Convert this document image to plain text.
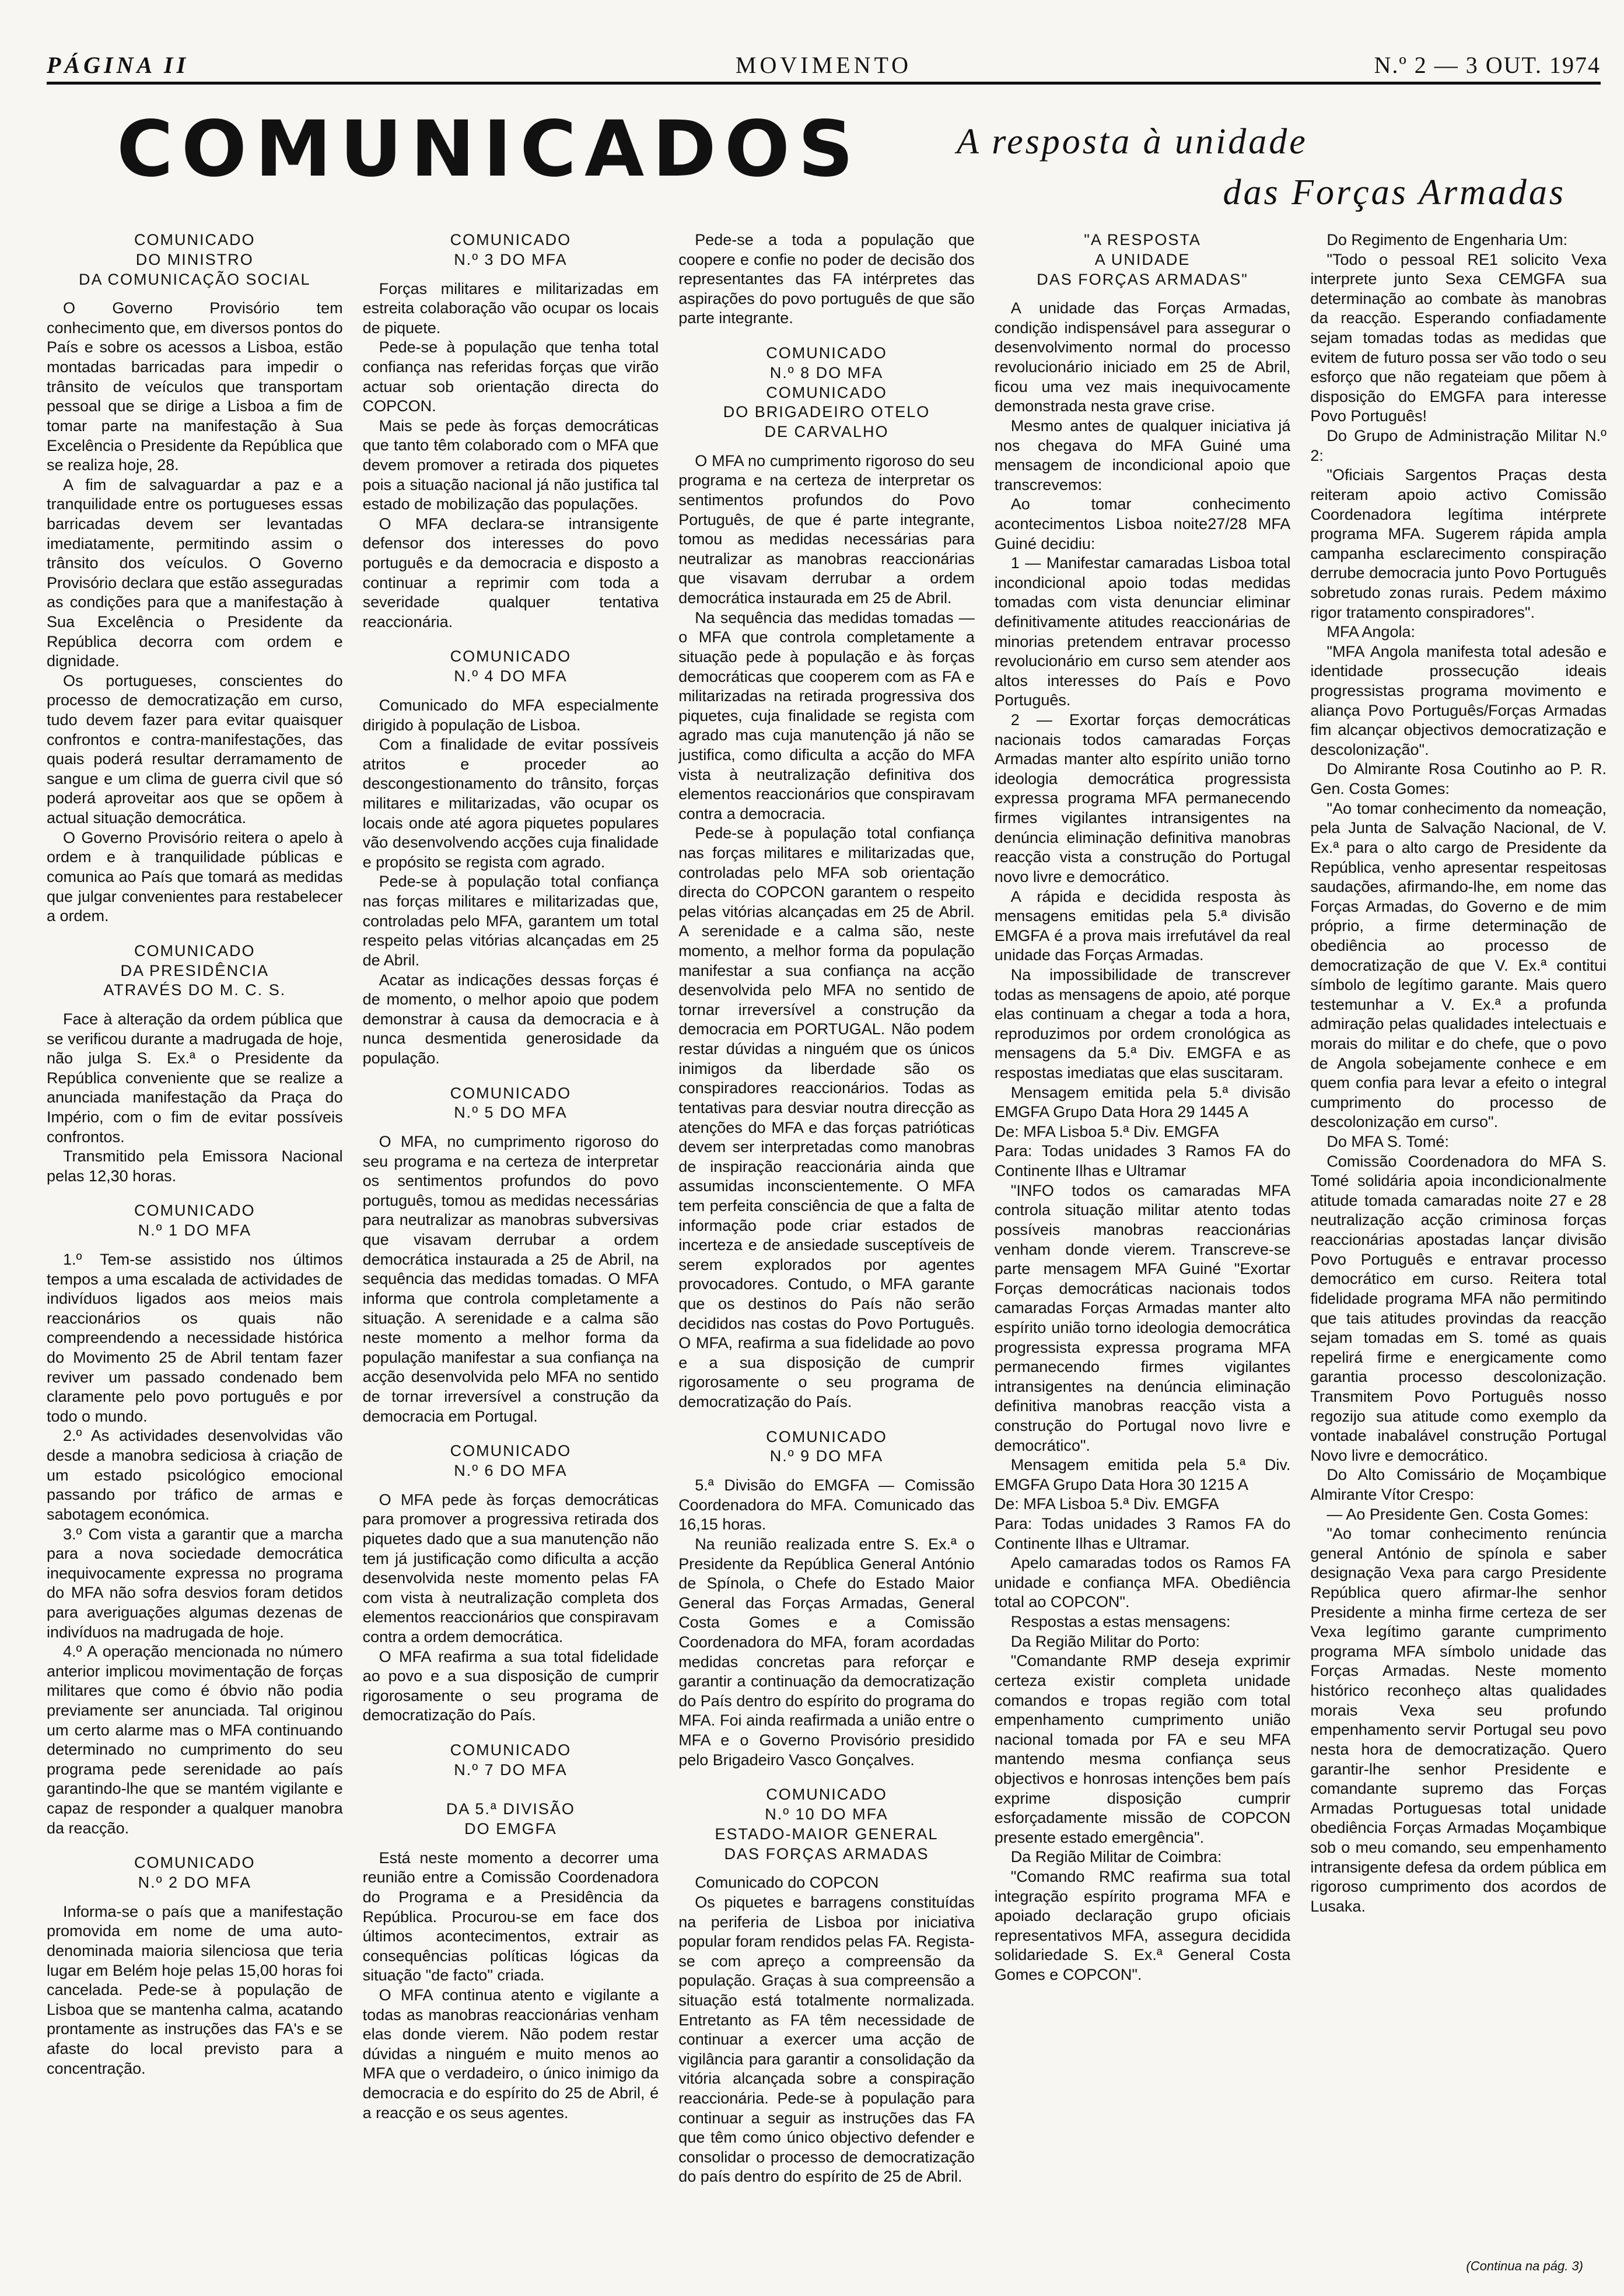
PÁGINA II	MOVIMENTO	N.º 2 — 3 OUT. 1974
COMUNICADOS	A resposta à unidade
das Forças Armadas
COMUNICADO
DO MINISTRO
DA COMUNICAÇÃO SOCIAL

O Governo Provisório tem conhecimento que, em diversos pontos do País e sobre os acessos a Lisboa, estão montadas barricadas para impedir o trânsito de veículos que transportam pessoal que se dirige a Lisboa a fim de tomar parte na manifestação à Sua Excelência o Presidente da República que se realiza hoje, 28.

A fim de salvaguardar a paz e a tranquilidade entre os portugueses essas barricadas devem ser levantadas imediatamente, permitindo assim o trânsito dos veículos. O Governo Provisório declara que estão asseguradas as condições para que a manifestação à Sua Excelência o Presidente da República decorra com ordem e dignidade.

Os portugueses, conscientes do processo de democratização em curso, tudo devem fazer para evitar quaisquer confrontos e contra-manifestações, das quais poderá resultar derramamento de sangue e um clima de guerra civil que só poderá aproveitar aos que se opõem à actual situação democrática.

O Governo Provisório reitera o apelo à ordem e à tranquilidade públicas e comunica ao País que tomará as medidas que julgar convenientes para restabelecer a ordem.

COMUNICADO
DA PRESIDÊNCIA
ATRAVÉS DO M. C. S.

Face à alteração da ordem pública que se verificou durante a madrugada de hoje, não julga S. Ex.ª o Presidente da República conveniente que se realize a anunciada manifestação da Praça do Império, com o fim de evitar possíveis confrontos.

Transmitido pela Emissora Nacional pelas 12,30 horas.

COMUNICADO
N.º 1 DO MFA

1.º Tem-se assistido nos últimos tempos a uma escalada de actividades de indivíduos ligados aos meios mais reaccionários os quais não compreendendo a necessidade histórica do Movimento 25 de Abril tentam fazer reviver um passado condenado bem claramente pelo povo português e por todo o mundo.

2.º As actividades desenvolvidas vão desde a manobra sediciosa à criação de um estado psicológico emocional passando por tráfico de armas e sabotagem económica.

3.º Com vista a garantir que a marcha para a nova sociedade democrática inequivocamente expressa no programa do MFA não sofra desvios foram detidos para averiguações algumas dezenas de indivíduos na madrugada de hoje.

4.º A operação mencionada no número anterior implicou movimentação de forças militares que como é óbvio não podia previamente ser anunciada. Tal originou um certo alarme mas o MFA continuando determinado no cumprimento do seu programa pede serenidade ao país garantindo-lhe que se mantém vigilante e capaz de responder a qualquer manobra da reacção.

COMUNICADO
N.º 2 DO MFA

Informa-se o país que a manifestação promovida em nome de uma auto-denominada maioria silenciosa que teria lugar em Belém hoje pelas 15,00 horas foi cancelada. Pede-se à população de Lisboa que se mantenha calma, acatando prontamente as instruções das FA's e se afaste do local previsto para a concentração.

COMUNICADO
N.º 3 DO MFA

Forças militares e militarizadas em estreita colaboração vão ocupar os locais de piquete.

Pede-se à população que tenha total confiança nas referidas forças que virão actuar sob orientação directa do COPCON.

Mais se pede às forças democráticas que tanto têm colaborado com o MFA que devem promover a retirada dos piquetes pois a situação nacional já não justifica tal estado de mobilização das populações.

O MFA declara-se intransigente defensor dos interesses do povo português e da democracia e disposto a continuar a reprimir com toda a severidade qualquer tentativa reaccionária.

COMUNICADO
N.º 4 DO MFA

Comunicado do MFA especialmente dirigido à população de Lisboa.

Com a finalidade de evitar possíveis atritos e proceder ao descongestionamento do trânsito, forças militares e militarizadas, vão ocupar os locais onde até agora piquetes populares vão desenvolvendo acções cuja finalidade e propósito se regista com agrado.

Pede-se à população total confiança nas forças militares e militarizadas que, controladas pelo MFA, garantem um total respeito pelas vitórias alcançadas em 25 de Abril.

Acatar as indicações dessas forças é de momento, o melhor apoio que podem demonstrar à causa da democracia e à nunca desmentida generosidade da população.

COMUNICADO
N.º 5 DO MFA

O MFA, no cumprimento rigoroso do seu programa e na certeza de interpretar os sentimentos profundos do povo português, tomou as medidas necessárias para neutralizar as manobras subversivas que visavam derrubar a ordem democrática instaurada a 25 de Abril, na sequência das medidas tomadas. O MFA informa que controla completamente a situação. A serenidade e a calma são neste momento a melhor forma da população manifestar a sua confiança na acção desenvolvida pelo MFA no sentido de tornar irreversível a construção da democracia em Portugal.

COMUNICADO
N.º 6 DO MFA

O MFA pede às forças democráticas para promover a progressiva retirada dos piquetes dado que a sua manutenção não tem já justificação como dificulta a acção desenvolvida neste momento pelas FA com vista à neutralização completa dos elementos reaccionários que conspiravam contra a ordem democrática.

O MFA reafirma a sua total fidelidade ao povo e a sua disposição de cumprir rigorosamente o seu programa de democratização do País.

COMUNICADO
N.º 7 DO MFA

DA 5.ª DIVISÃO
DO EMGFA

Está neste momento a decorrer uma reunião entre a Comissão Coordenadora do Programa e a Presidência da República. Procurou-se em face dos últimos acontecimentos, extrair as consequências políticas lógicas da situação "de facto" criada.

O MFA continua atento e vigilante a todas as manobras reaccionárias venham elas donde vierem. Não podem restar dúvidas a ninguém e muito menos ao MFA que o verdadeiro, o único inimigo da democracia e do espírito do 25 de Abril, é a reacção e os seus agentes.

Pede-se a toda a população que coopere e confie no poder de decisão dos representantes das FA intérpretes das aspirações do povo português de que são parte integrante.

COMUNICADO
N.º 8 DO MFA
COMUNICADO
DO BRIGADEIRO OTELO
DE CARVALHO

O MFA no cumprimento rigoroso do seu programa e na certeza de interpretar os sentimentos profundos do Povo Português, de que é parte integrante, tomou as medidas necessárias para neutralizar as manobras reaccionárias que visavam derrubar a ordem democrática instaurada em 25 de Abril.

Na sequência das medidas tomadas — o MFA que controla completamente a situação pede à população e às forças democráticas que cooperem com as FA e militarizadas na retirada progressiva dos piquetes, cuja finalidade se regista com agrado mas cuja manutenção já não se justifica, como dificulta a acção do MFA vista à neutralização definitiva dos elementos reaccionários que conspiravam contra a democracia.

Pede-se à população total confiança nas forças militares e militarizadas que, controladas pelo MFA sob orientação directa do COPCON garantem o respeito pelas vitórias alcançadas em 25 de Abril. A serenidade e a calma são, neste momento, a melhor forma da população manifestar a sua confiança na acção desenvolvida pelo MFA no sentido de tornar irreversível a construção da democracia em PORTUGAL. Não podem restar dúvidas a ninguém que os únicos inimigos da liberdade são os conspiradores reaccionários. Todas as tentativas para desviar noutra direcção as atenções do MFA e das forças patrióticas devem ser interpretadas como manobras de inspiração reaccionária ainda que assumidas inconscientemente. O MFA tem perfeita consciência de que a falta de informação pode criar estados de incerteza e de ansiedade susceptíveis de serem explorados por agentes provocadores. Contudo, o MFA garante que os destinos do País não serão decididos nas costas do Povo Português. O MFA, reafirma a sua fidelidade ao povo e a sua disposição de cumprir rigorosamente o seu programa de democratização do País.

COMUNICADO
N.º 9 DO MFA

5.ª Divisão do EMGFA — Comissão Coordenadora do MFA. Comunicado das 16,15 horas.

Na reunião realizada entre S. Ex.ª o Presidente da República General António de Spínola, o Chefe do Estado Maior General das Forças Armadas, General Costa Gomes e a Comissão Coordenadora do MFA, foram acordadas medidas concretas para reforçar e garantir a continuação da democratização do País dentro do espírito do programa do MFA. Foi ainda reafirmada a união entre o MFA e o Governo Provisório presidido pelo Brigadeiro Vasco Gonçalves.

COMUNICADO
N.º 10 DO MFA
ESTADO-MAIOR GENERAL
DAS FORÇAS ARMADAS

Comunicado do COPCON

Os piquetes e barragens constituídas na periferia de Lisboa por iniciativa popular foram rendidos pelas FA. Regista-se com apreço a compreensão da população. Graças à sua compreensão a situação está totalmente normalizada. Entretanto as FA têm necessidade de continuar a exercer uma acção de vigilância para garantir a consolidação da vitória alcançada sobre a conspiração reaccionária. Pede-se à população para continuar a seguir as instruções das FA que têm como único objectivo defender e consolidar o processo de democratização do país dentro do espírito de 25 de Abril.

"A RESPOSTA
A UNIDADE
DAS FORÇAS ARMADAS"

A unidade das Forças Armadas, condição indispensável para assegurar o desenvolvimento normal do processo revolucionário iniciado em 25 de Abril, ficou uma vez mais inequivocamente demonstrada nesta grave crise.

Mesmo antes de qualquer iniciativa já nos chegava do MFA Guiné uma mensagem de incondicional apoio que transcrevemos:

Ao tomar conhecimento acontecimentos Lisboa noite27/28 MFA Guiné decidiu:

1 — Manifestar camaradas Lisboa total incondicional apoio todas medidas tomadas com vista denunciar eliminar definitivamente atitudes reaccionárias de minorias pretendem entravar processo revolucionário em curso sem atender aos altos interesses do País e Povo Português.

2 — Exortar forças democráticas nacionais todos camaradas Forças Armadas manter alto espírito união torno ideologia democrática progressista expressa programa MFA permanecendo firmes vigilantes intransigentes na denúncia eliminação definitiva manobras reacção vista a construção do Portugal novo livre e democrático.

A rápida e decidida resposta às mensagens emitidas pela 5.ª divisão EMGFA é a prova mais irrefutável da real unidade das Forças Armadas.

Na impossibilidade de transcrever todas as mensagens de apoio, até porque elas continuam a chegar a toda a hora, reproduzimos por ordem cronológica as mensagens da 5.ª Div. EMGFA e as respostas imediatas que elas suscitaram.

Mensagem emitida pela 5.ª divisão EMGFA Grupo Data Hora 29 1445 A
De: MFA Lisboa 5.ª Div. EMGFA
Para: Todas unidades 3 Ramos FA do Continente Ilhas e Ultramar

"INFO todos os camaradas MFA controla situação militar atento todas possíveis manobras reaccionárias venham donde vierem. Transcreve-se parte mensagem MFA Guiné "Exortar Forças democráticas nacionais todos camaradas Forças Armadas manter alto espírito união torno ideologia democrática progressista expressa programa MFA permanecendo firmes vigilantes intransigentes na denúncia eliminação definitiva manobras reacção vista a construção do Portugal novo livre e democrático".

Mensagem emitida pela 5.ª Div. EMGFA Grupo Data Hora 30 1215 A
De: MFA Lisboa 5.ª Div. EMGFA
Para: Todas unidades 3 Ramos FA do Continente Ilhas e Ultramar.

Apelo camaradas todos os Ramos FA unidade e confiança MFA. Obediência total ao COPCON".

Respostas a estas mensagens:

Da Região Militar do Porto:

"Comandante RMP deseja exprimir certeza existir completa unidade comandos e tropas região com total empenhamento cumprimento união nacional tomada por FA e seu MFA mantendo mesma confiança seus objectivos e honrosas intenções bem país exprime disposição cumprir esforçadamente missão de COPCON presente estado emergência".

Da Região Militar de Coimbra:

"Comando RMC reafirma sua total integração espírito programa MFA e apoiado declaração grupo oficiais representativos MFA, assegura decidida solidariedade S. Ex.ª General Costa Gomes e COPCON".

Do Regimento de Engenharia Um:

"Todo o pessoal RE1 solicito Vexa interprete junto Sexa CEMGFA sua determinação ao combate às manobras da reacção. Esperando confiadamente sejam tomadas todas as medidas que evitem de futuro possa ser vão todo o seu esforço que não regateiam que põem à disposição do EMGFA para interesse Povo Português!

Do Grupo de Administração Militar N.º 2:

"Oficiais Sargentos Praças desta reiteram apoio activo Comissão Coordenadora legítima intérprete programa MFA. Sugerem rápida ampla campanha esclarecimento conspiração derrube democracia junto Povo Português sobretudo zonas rurais. Pedem máximo rigor tratamento conspiradores".

MFA Angola:

"MFA Angola manifesta total adesão e identidade prossecução ideais progressistas programa movimento e aliança Povo Português/Forças Armadas fim alcançar objectivos democratização e descolonização".

Do Almirante Rosa Coutinho ao P. R. Gen. Costa Gomes:

"Ao tomar conhecimento da nomeação, pela Junta de Salvação Nacional, de V. Ex.ª para o alto cargo de Presidente da República, venho apresentar respeitosas saudações, afirmando-lhe, em nome das Forças Armadas, do Governo e de mim próprio, a firme determinação de obediência ao processo de democratização de que V. Ex.ª contitui símbolo de legítimo garante. Mais quero testemunhar a V. Ex.ª a profunda admiração pelas qualidades intelectuais e morais do militar e do chefe, que o povo de Angola sobejamente conhece e em quem confia para levar a efeito o integral cumprimento do processo de descolonização em curso".

Do MFA S. Tomé:

Comissão Coordenadora do MFA S. Tomé solidária apoia incondicionalmente atitude tomada camaradas noite 27 e 28 neutralização acção criminosa forças reaccionárias apostadas lançar divisão Povo Português e entravar processo democrático em curso. Reitera total fidelidade programa MFA não permitindo que tais atitudes provindas da reacção sejam tomadas em S. tomé as quais repelirá firme e energicamente como garantia processo descolonização. Transmitem Povo Português nosso regozijo sua atitude como exemplo da vontade inabalável construção Portugal Novo livre e democrático.

Do Alto Comissário de Moçambique Almirante Vítor Crespo:

— Ao Presidente Gen. Costa Gomes:

"Ao tomar conhecimento renúncia general António de spínola e saber designação Vexa para cargo Presidente República quero afirmar-lhe senhor Presidente a minha firme certeza de ser Vexa legítimo garante cumprimento programa MFA símbolo unidade das Forças Armadas. Neste momento histórico reconheço altas qualidades morais Vexa seu profundo empenhamento servir Portugal seu povo nesta hora de democratização. Quero garantir-lhe senhor Presidente e comandante supremo das Forças Armadas Portuguesas total unidade obediência Forças Armadas Moçambique sob o meu comando, seu empenhamento intransigente defesa da ordem pública em rigoroso cumprimento dos acordos de Lusaka.

(Continua na pág. 3)
